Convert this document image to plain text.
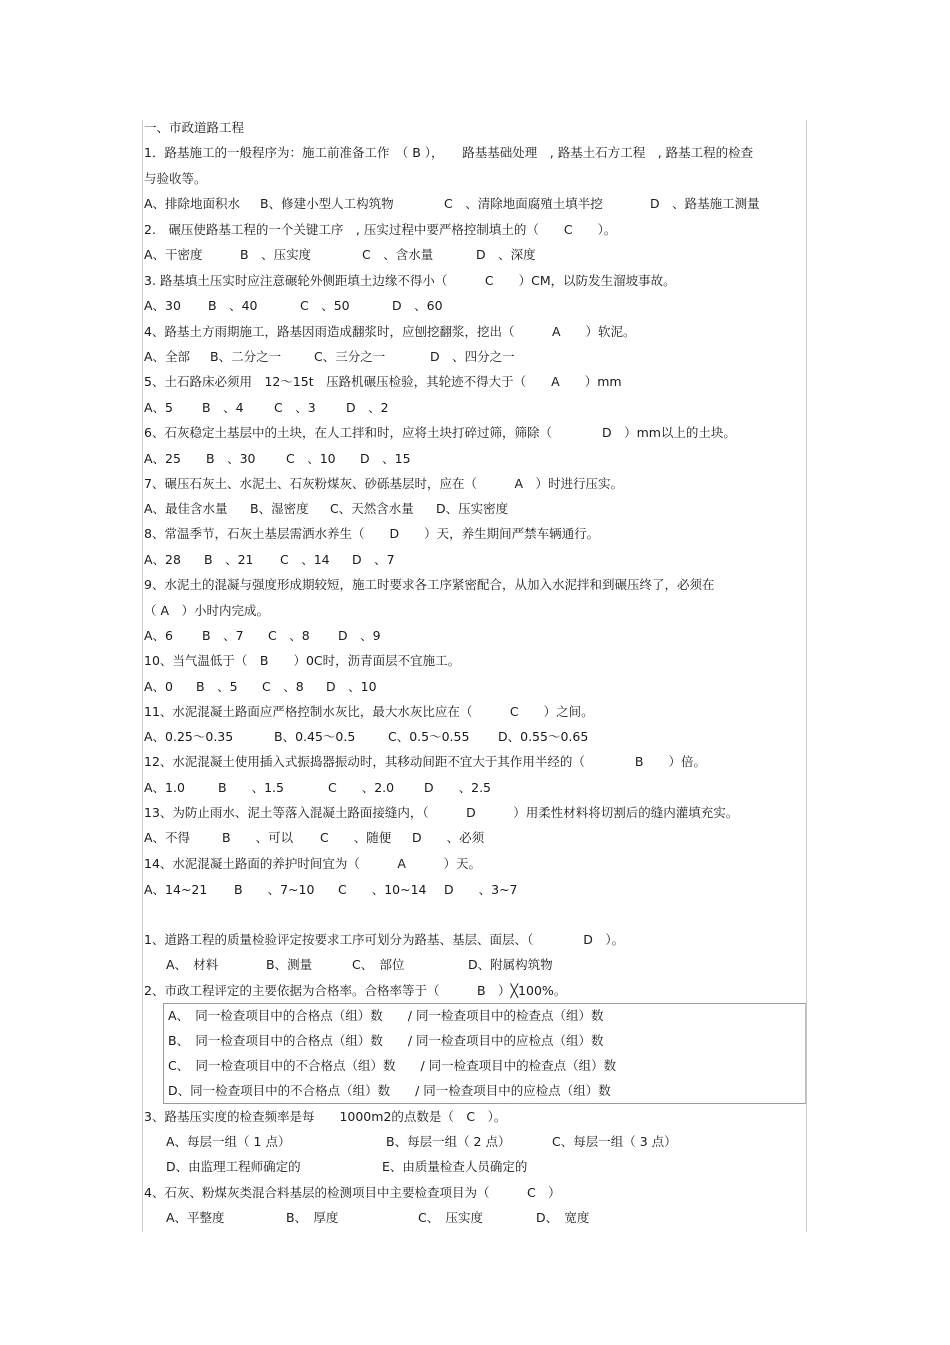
一、市政道路工程
1．路基施工的一般程序为：施工前准备工作　（ B ），　　路基基础处理　, 路基土石方工程　, 路基工程的检查
与验收等。
A、排除地面积水 B、修建小型人工构筑物	C　、清除地面腐殖土填半挖	D　、路基施工测量
2.　碾压使路基工程的一个关键工序　, 压实过程中要严格控制填土的（　　C　　）。
A、干密度	B　、压实度	C　、含水量	D　、深度
3. 路基填土压实时应注意碾轮外侧距填土边缘不得小（　　　C　　）CM，以防发生溜坡事故。
A、30 B　、40	C　、50	D　、60
4、路基土方雨期施工，路基因雨造成翻浆时，应刨挖翻浆，挖出（　　　A　　）软泥。
A、全部 B、二分之一	C、三分之一	D　、四分之一
5、土石路床必须用　12～15t　压路机碾压检验，其轮迹不得大于（　　A　　）mm
A、5 B　、4 C　、3 D　、2
6、石灰稳定土基层中的土块，在人工拌和时，应将土块打碎过筛，筛除（　　　　D　）mm以上的土块。
A、25 B　、30 C　、10 D　、15
7、碾压石灰土、水泥土、石灰粉煤灰、砂砾基层时，应在（　　　A　）时进行压实。
A、最佳含水量 B、湿密度 C、天然含水量 D、压实密度
8、常温季节，石灰土基层需洒水养生（　　D　　）天，养生期间严禁车辆通行。
A、28 B　、21 C　、14 D　、7
9、水泥土的混凝与强度形成期较短，施工时要求各工序紧密配合，从加入水泥拌和到碾压终了，必须在
（ A　）小时内完成。
A、6 B　、7 C　、8 D　、9
10、当气温低于（　B　　）0C时，沥青面层不宜施工。
A、0 B　、5 C　、8 D　、10
11、水泥混凝土路面应严格控制水灰比，最大水灰比应在（　　　C　　）之间。
A、0.25～0.35	B、0.45～0.5	C、0.5～0.55 D、0.55～0.65
12、水泥混凝土使用插入式振捣器振动时，其移动间距不宜大于其作用半经的（　　　　B　　）倍。
A、1.0	B　　、1.5	C　　、2.0 D　　、2.5
13、为防止雨水、泥土等落入混凝土路面接缝内，（　　　D　　　）用柔性材料将切割后的缝内灌填充实。
A、不得	B　　、可以 C　　、随便 D　　、必须
14、水泥混凝土路面的养护时间宜为（　　　A　　　）天。
A、14~21 B　　、7~10 C　　、10~14 D　　、3~7
1、道路工程的质量检验评定按要求工序可划分为路基、基层、面层、（　　　　D　）。
A、　材料	B、测量	C、　部位	D、附属构筑物
2、市政工程评定的主要依据为合格率。合格率等于（　　　B　）╳100%。
A、　同一检查项目中的合格点（组）数　　/ 同一检查项目中的检查点（组）数
B、　同一检查项目中的合格点（组）数　　/ 同一检查项目中的应检点（组）数
C、　同一检查项目中的不合格点（组）数　　/ 同一检查项目中的检查点（组）数
D、同一检查项目中的不合格点（组）数　　/ 同一检查项目中的应检点（组）数
3、路基压实度的检查频率是每　　1000m2的点数是（　C　）。
A、每层一组（ 1 点）	B、每层一组（ 2 点）	C、每层一组（ 3 点）
D、由监理工程师确定的	E、由质量检查人员确定的
4、石灰、粉煤灰类混合料基层的检测项目中主要检查项目为（　　　C　）
A、平整度	B、　厚度	C、　压实度	D、　宽度
